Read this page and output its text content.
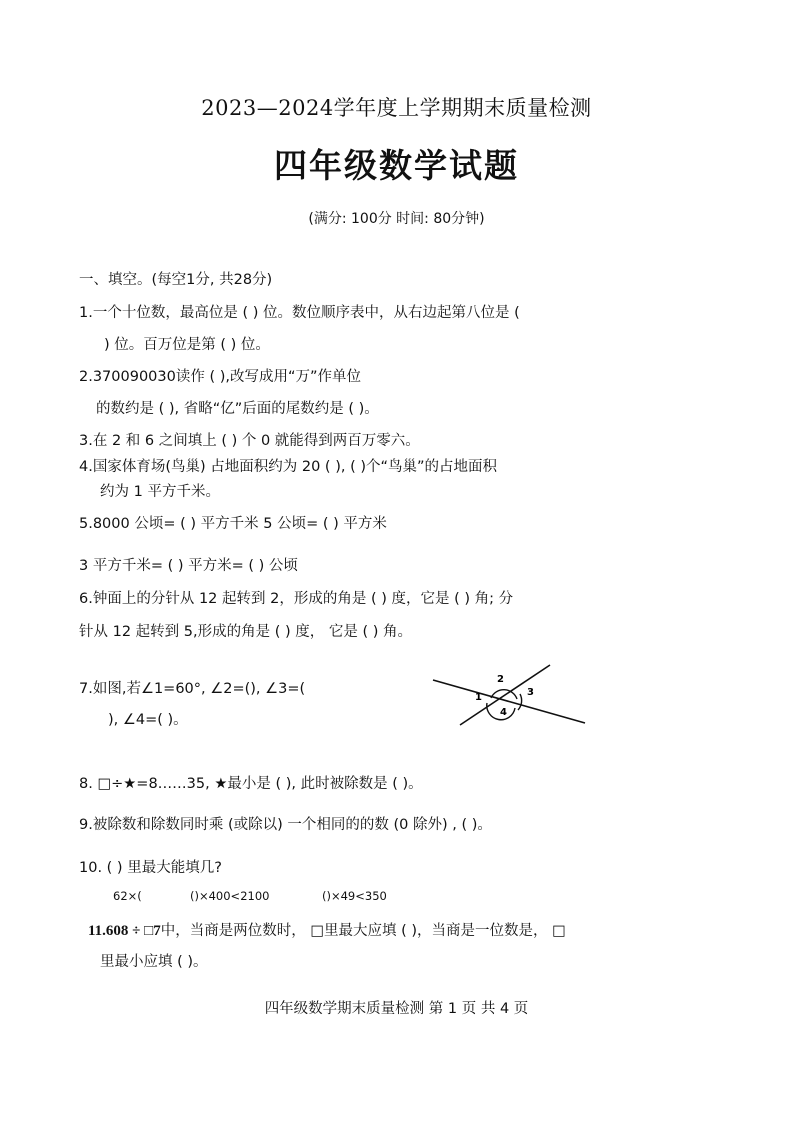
2023—2024学年度上学期期末质量检测
四年级数学试题
(满分: 100分 时间: 80分钟)
一、填空。(每空1分, 共28分)
1.一个十位数，最高位是 ( ) 位。数位顺序表中，从右边起第八位是 (
) 位。百万位是第 ( ) 位。
2.370090030读作 ( ),改写成用“万”作单位
的数约是 ( ), 省略“亿”后面的尾数约是 ( )。
3.在 2 和 6 之间填上 ( ) 个 0 就能得到两百万零六。
4.国家体育场(鸟巢) 占地面积约为 20 ( ), ( )个“鸟巢”的占地面积
约为 1 平方千米。
5.8000 公顷= ( ) 平方千米 5 公顷= ( ) 平方米
3 平方千米= ( ) 平方米= ( ) 公顷
6.钟面上的分针从 12 起转到 2，形成的角是 ( ) 度，它是 ( ) 角; 分
针从 12 起转到 5,形成的角是 ( ) 度， 它是 ( ) 角。
7.如图,若∠1=60°, ∠2=(), ∠3=(
), ∠4=( )。
1
2
3
4
8. □÷★=8……35, ★最小是 ( ), 此时被除数是 ( )。
9.被除数和除数同时乘 (或除以) 一个相同的的数 (0 除外) , ( )。
10. ( ) 里最大能填几?
62×(	()×400<2100	()×49<350
11.608 ÷ □7中，当商是两位数时， □里最大应填 ( )，当商是一位数是， □
里最小应填 ( )。
四年级数学期末质量检测 第 1 页 共 4 页
